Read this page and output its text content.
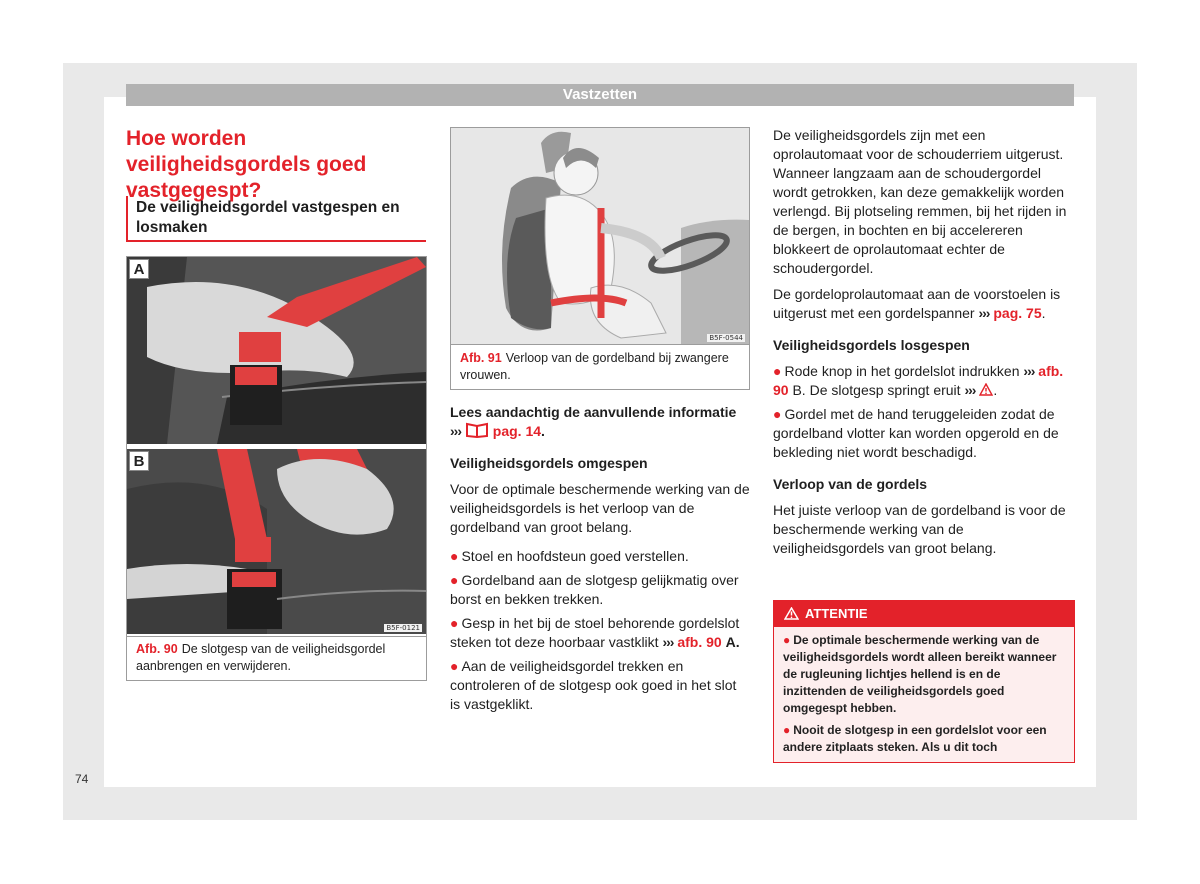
Vastzetten
Hoe worden veiligheidsgordels goed vastgegespt?
De veiligheidsgordel vastgespen en losmaken
A
B
B5F-0121
Afb. 90 De slotgesp van de veiligheidsgordel aanbrengen en verwijderen.
B5F-0544
Afb. 91 Verloop van de gordelband bij zwangere vrouwen.

Lees aandachtig de aanvullende informatie
››› pag. 14.

Veiligheidsgordels omgespen

Voor de optimale beschermende werking van de veiligheidsgordels is het verloop van de gordelband van groot belang.

● Stoel en hoofdsteun goed verstellen.

● Gordelband aan de slotgesp gelijkmatig over borst en bekken trekken.

● Gesp in het bij de stoel behorende gordelslot steken tot deze hoorbaar vastklikt ››› afb. 90 A.

● Aan de veiligheidsgordel trekken en controleren of de slotgesp ook goed in het slot is vastgeklikt.

De veiligheidsgordels zijn met een oprolautomaat voor de schouderriem uitgerust. Wanneer langzaam aan de schoudergordel wordt getrokken, kan deze gemakkelijk worden verlengd. Bij plotseling remmen, bij het rijden in de bergen, in bochten en bij accelereren blokkeert de oprolautomaat echter de schoudergordel.

De gordeloprolautomaat aan de voorstoelen is uitgerust met een gordelspanner ››› pag. 75.

Veiligheidsgordels losgespen

● Rode knop in het gordelslot indrukken ››› afb. 90 B. De slotgesp springt eruit ››› .

● Gordel met de hand teruggeleiden zodat de gordelband vlotter kan worden opgerold en de bekleding niet wordt beschadigd.

Verloop van de gordels

Het juiste verloop van de gordelband is voor de beschermende werking van de veiligheidsgordels van groot belang.

ATTENTIE

● De optimale beschermende werking van de veiligheidsgordels wordt alleen bereikt wanneer de rugleuning lichtjes hellend is en de inzittenden de veiligheidsgordels goed omgegespt hebben.

● Nooit de slotgesp in een gordelslot voor een andere zitplaats steken. Als u dit toch

74
